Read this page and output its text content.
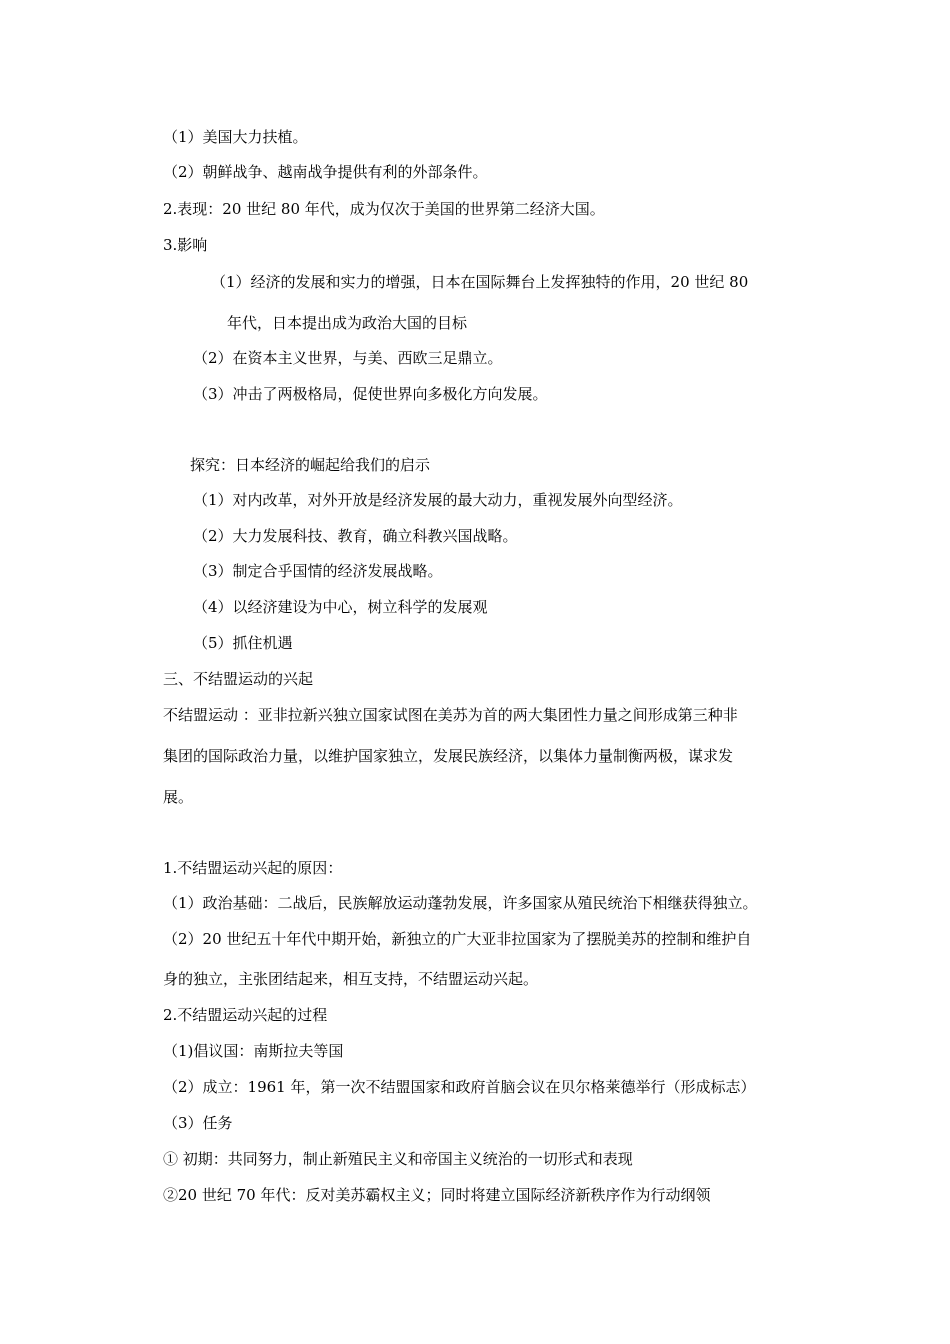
（1）美国大力扶植。
（2）朝鲜战争、越南战争提供有利的外部条件。
2.表现：20 世纪 80 年代，成为仅次于美国的世界第二经济大国。
3.影响
（1）经济的发展和实力的增强，日本在国际舞台上发挥独特的作用，20 世纪 80
年代，日本提出成为政治大国的目标
（2）在资本主义世界，与美、西欧三足鼎立。
（3）冲击了两极格局，促使世界向多极化方向发展。
探究：日本经济的崛起给我们的启示
（1）对内改革，对外开放是经济发展的最大动力，重视发展外向型经济。
（2）大力发展科技、教育，确立科教兴国战略。
（3）制定合乎国情的经济发展战略。
（4）以经济建设为中心，树立科学的发展观
（5）抓住机遇
三、不结盟运动的兴起
不结盟运动 ：亚非拉新兴独立国家试图在美苏为首的两大集团性力量之间形成第三种非
集团的国际政治力量，以维护国家独立，发展民族经济，以集体力量制衡两极，谋求发
展。
1.不结盟运动兴起的原因：
（1）政治基础：二战后，民族解放运动蓬勃发展，许多国家从殖民统治下相继获得独立。
（2）20 世纪五十年代中期开始，新独立的广大亚非拉国家为了摆脱美苏的控制和维护自
身的独立，主张团结起来，相互支持，不结盟运动兴起。
2.不结盟运动兴起的过程
（1)倡议国：南斯拉夫等国
（2）成立：1961 年，第一次不结盟国家和政府首脑会议在贝尔格莱德举行（形成标志）
（3）任务
① 初期：共同努力，制止新殖民主义和帝国主义统治的一切形式和表现
②20 世纪 70 年代：反对美苏霸权主义；同时将建立国际经济新秩序作为行动纲领
